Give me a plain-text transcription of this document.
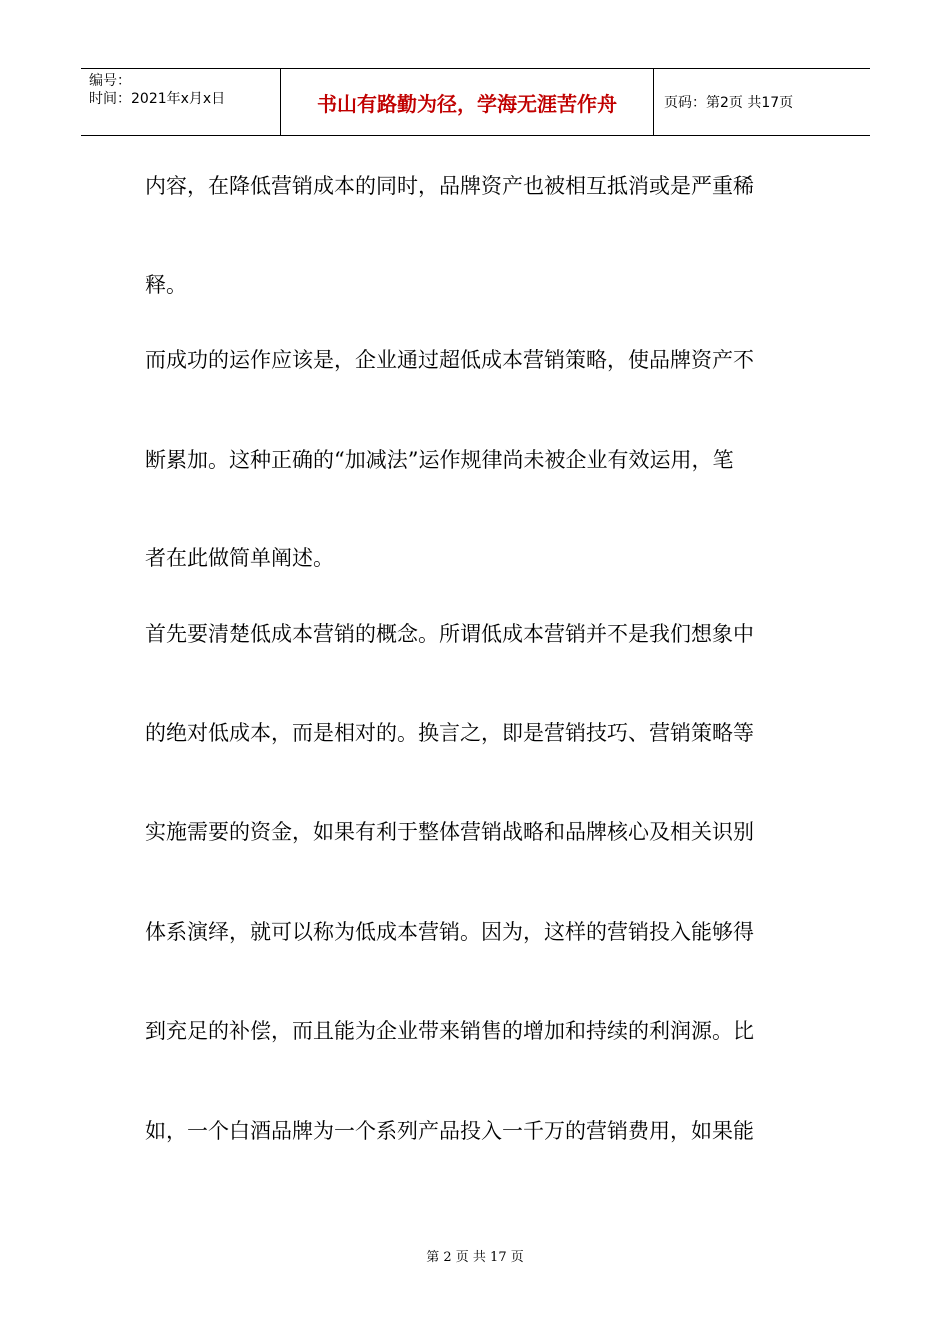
编号：
时间：2021年x月x日	书山有路勤为径，学海无涯苦作舟	页码：第2页 共17页
内容，在降低营销成本的同时，品牌资产也被相互抵消或是严重稀
释。
而成功的运作应该是，企业通过超低成本营销策略，使品牌资产不
断累加。这种正确的“加减法”运作规律尚未被企业有效运用，笔
者在此做简单阐述。
首先要清楚低成本营销的概念。所谓低成本营销并不是我们想象中
的绝对低成本，而是相对的。换言之，即是营销技巧、营销策略等
实施需要的资金，如果有利于整体营销战略和品牌核心及相关识别
体系演绎，就可以称为低成本营销。因为，这样的营销投入能够得
到充足的补偿，而且能为企业带来销售的增加和持续的利润源。比
如，一个白酒品牌为一个系列产品投入一千万的营销费用，如果能
第 2 页 共 17 页
